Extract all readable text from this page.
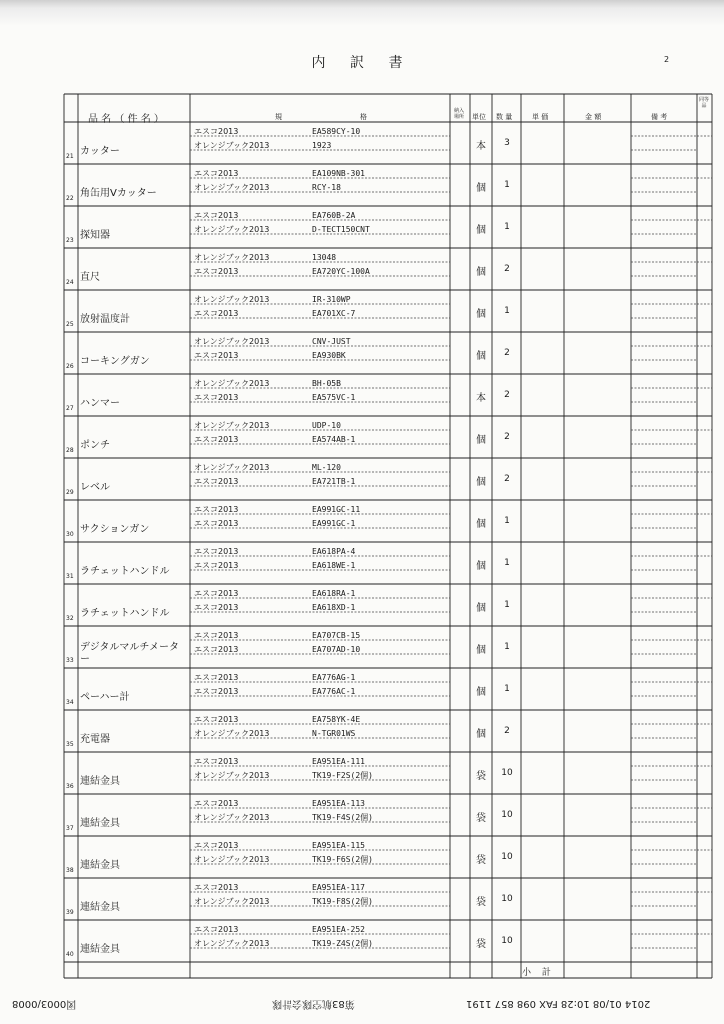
内 訳 書	2
品 名 （ 件 名 ）	規	格
納入場所 単位 数 量	単 価	金 額	備 考
同等品
21 カッター
エスコ2013	EA589CY-10
オレンジブック2013	1923	本	3
22 角缶用Vカッター
エスコ2013	EA109NB-301
オレンジブック2013	RCY-18	個	1
23 探知器
エスコ2013	EA760B-2A
オレンジブック2013	D-TECT150CNT	個	1
24 直尺
オレンジブック2013	13048
エスコ2013	EA720YC-100A	個	2
25 放射温度計
オレンジブック2013	IR-310WP
エスコ2013	EA701XC-7	個	1
26 コーキングガン
オレンジブック2013	CNV-JUST
エスコ2013	EA930BK	個	2
27 ハンマー
オレンジブック2013	BH-05B
エスコ2013	EA575VC-1	本	2
28 ポンチ
オレンジブック2013	UDP-10
エスコ2013	EA574AB-1	個	2
29 レベル
オレンジブック2013	ML-120
エスコ2013	EA721TB-1	個	2
30 サクションガン
エスコ2013	EA991GC-11
エスコ2013	EA991GC-1	個	1
31 ラチェットハンドル
エスコ2013	EA618PA-4
エスコ2013	EA618WE-1	個	1
32 ラチェットハンドル
エスコ2013	EA618RA-1
エスコ2013	EA618XD-1	個	1
33
デジタルマルチメーター
エスコ2013	EA707CB-15
エスコ2013	EA707AD-10	個	1
34 ペーハー計
エスコ2013	EA776AG-1
エスコ2013	EA776AC-1	個	1
35 充電器
エスコ2013	EA758YK-4E
オレンジブック2013	N-TGR01WS	個	2
36 連結金具
エスコ2013	EA951EA-111
オレンジブック2013	TK19-F2S(2個)	袋	10
37 連結金具
エスコ2013	EA951EA-113
オレンジブック2013	TK19-F4S(2個)	袋	10
38 連結金具
エスコ2013	EA951EA-115
オレンジブック2013	TK19-F6S(2個)	袋	10
39 連結金具
エスコ2013	EA951EA-117
オレンジブック2013	TK19-F8S(2個)	袋	10
40 連結金具
エスコ2013	EA951EA-252
オレンジブック2013	TK19-Z4S(2個)	袋	10
小 計
2014 01/08 10:28 FAX 098 857 1191
第83航空隊会計隊
図0003/0008
